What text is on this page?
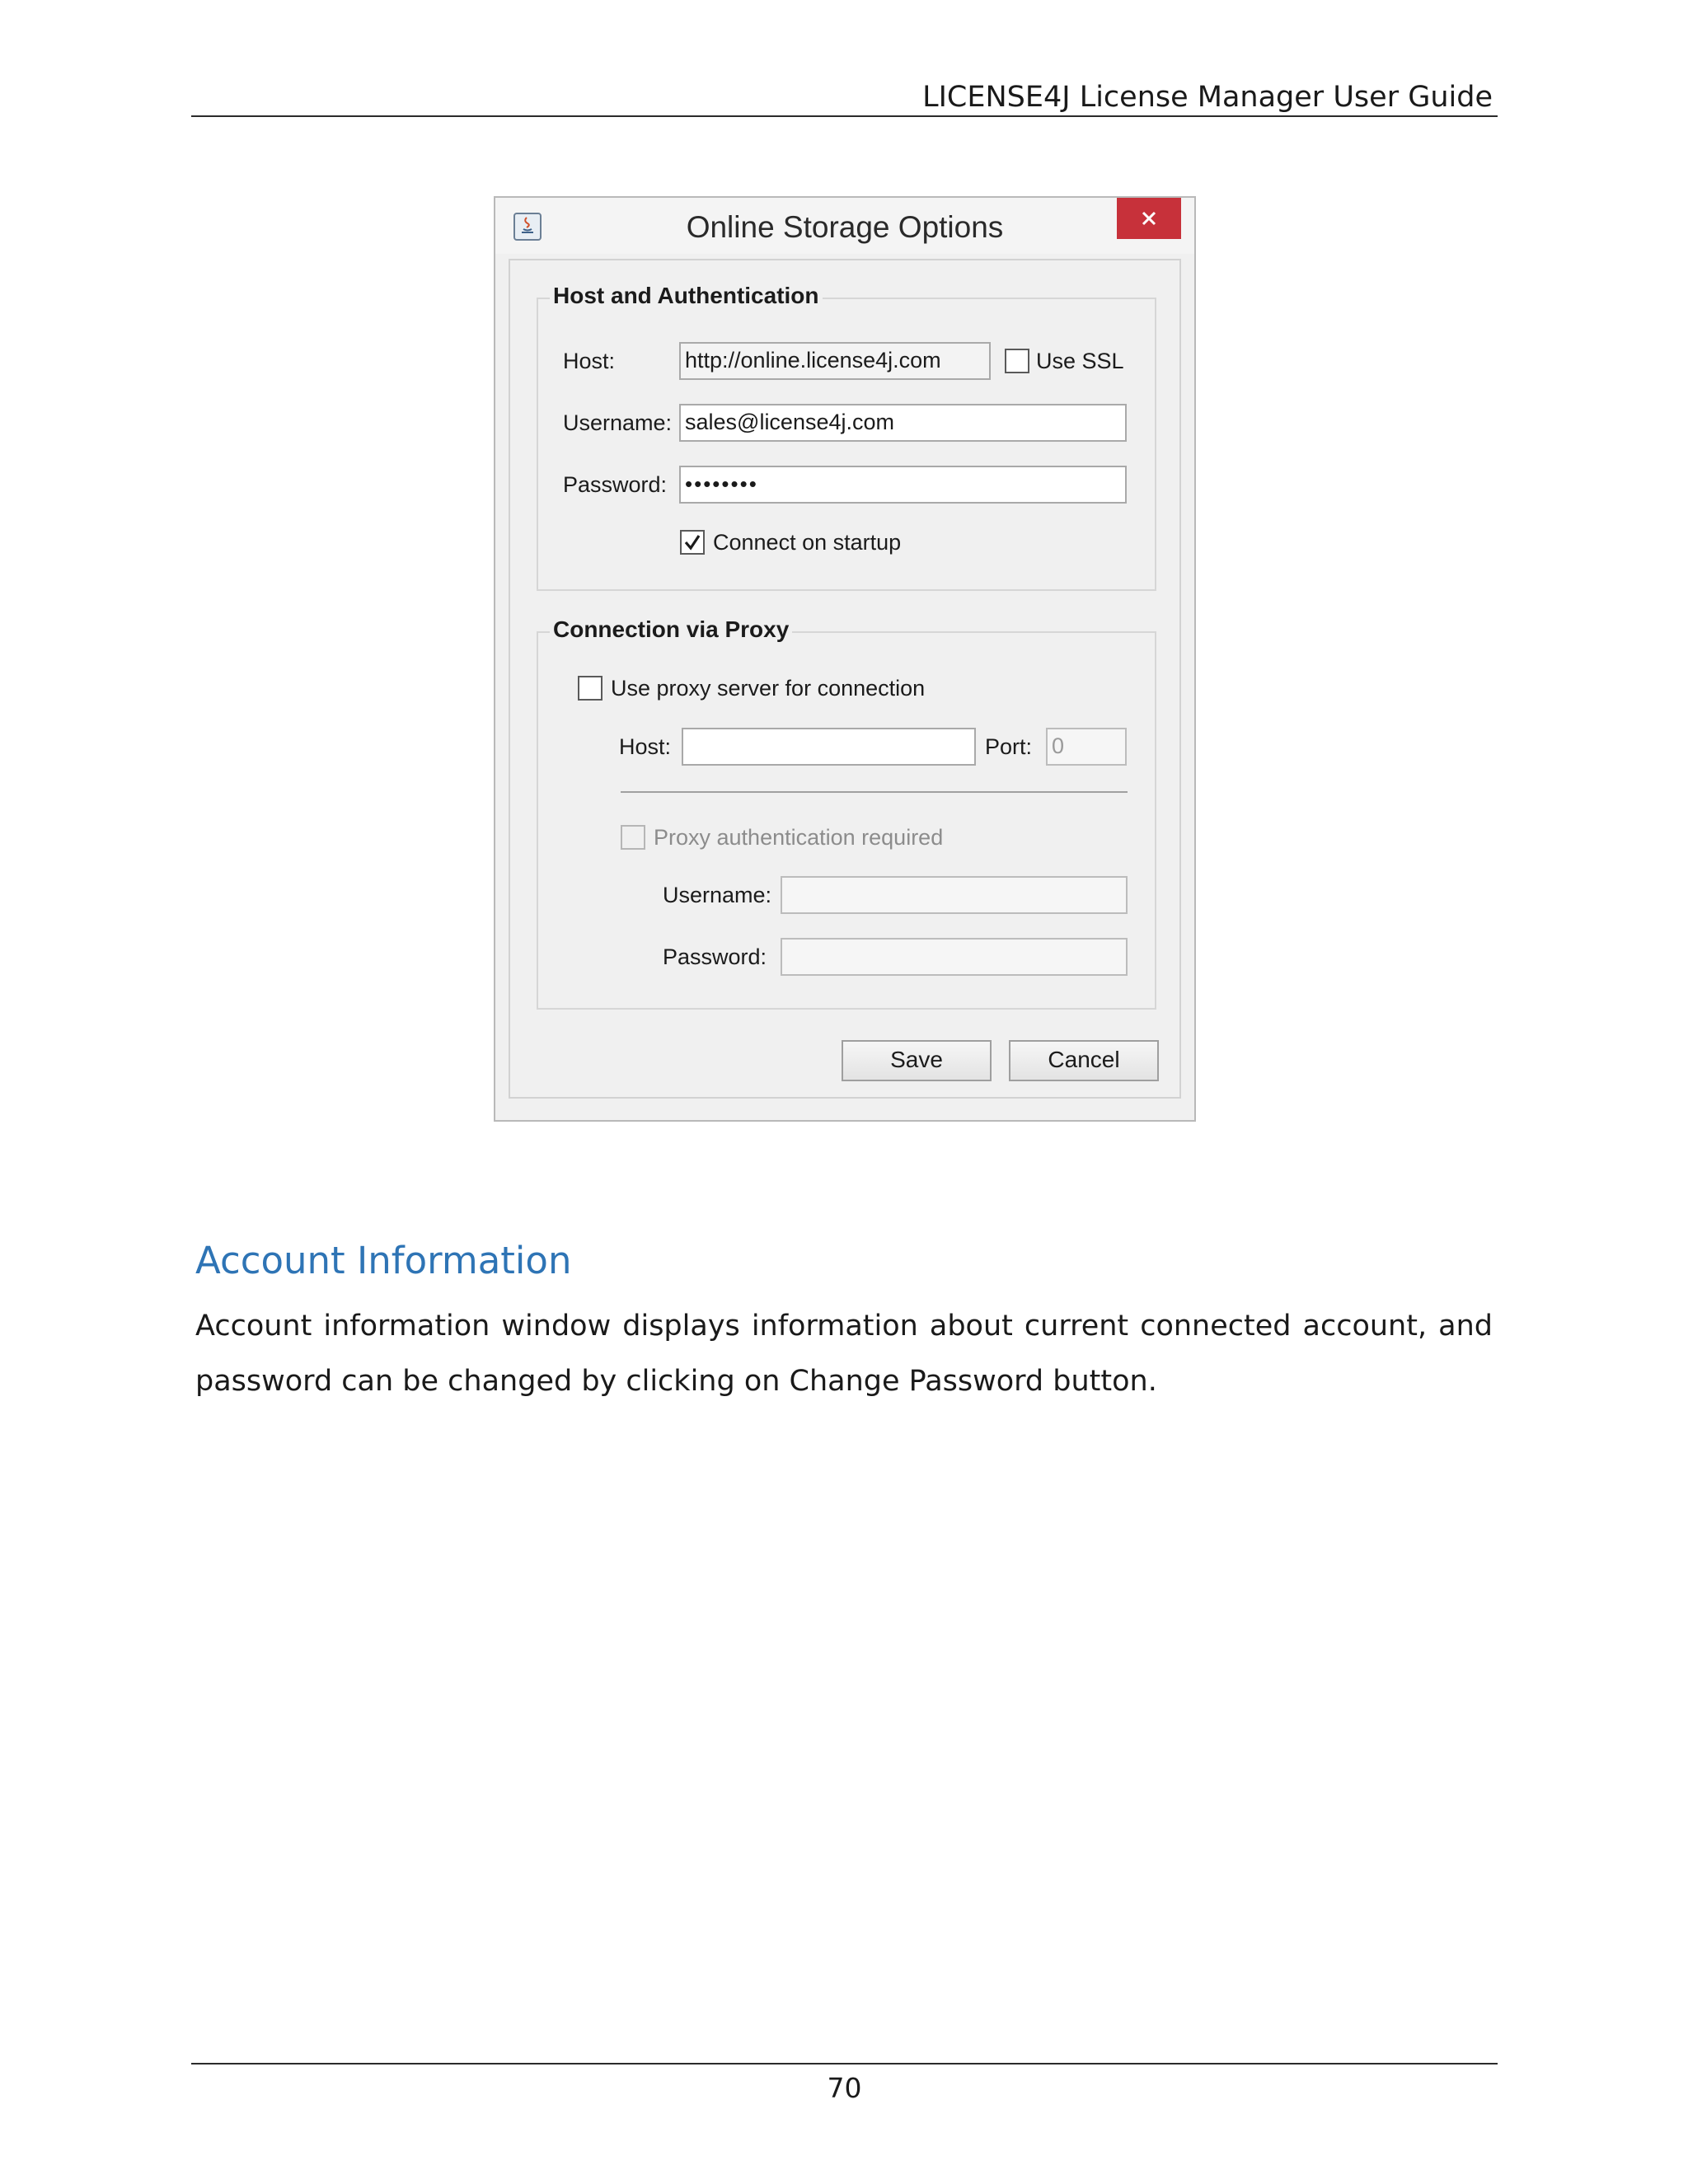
LICENSE4J License Manager User Guide
Online Storage Options
Host and Authentication
Host:	http://online.license4j.com	Use SSL
Username: sales@license4j.com
Password: ••••••••
Connect on startup
Connection via Proxy
Use proxy server for connection
Host:	Port: 0
Proxy authentication required
Username:
Password:
Save	Cancel
Account Information
Account information window displays information about current connected account, and password can be changed by clicking on Change Password button.
70
